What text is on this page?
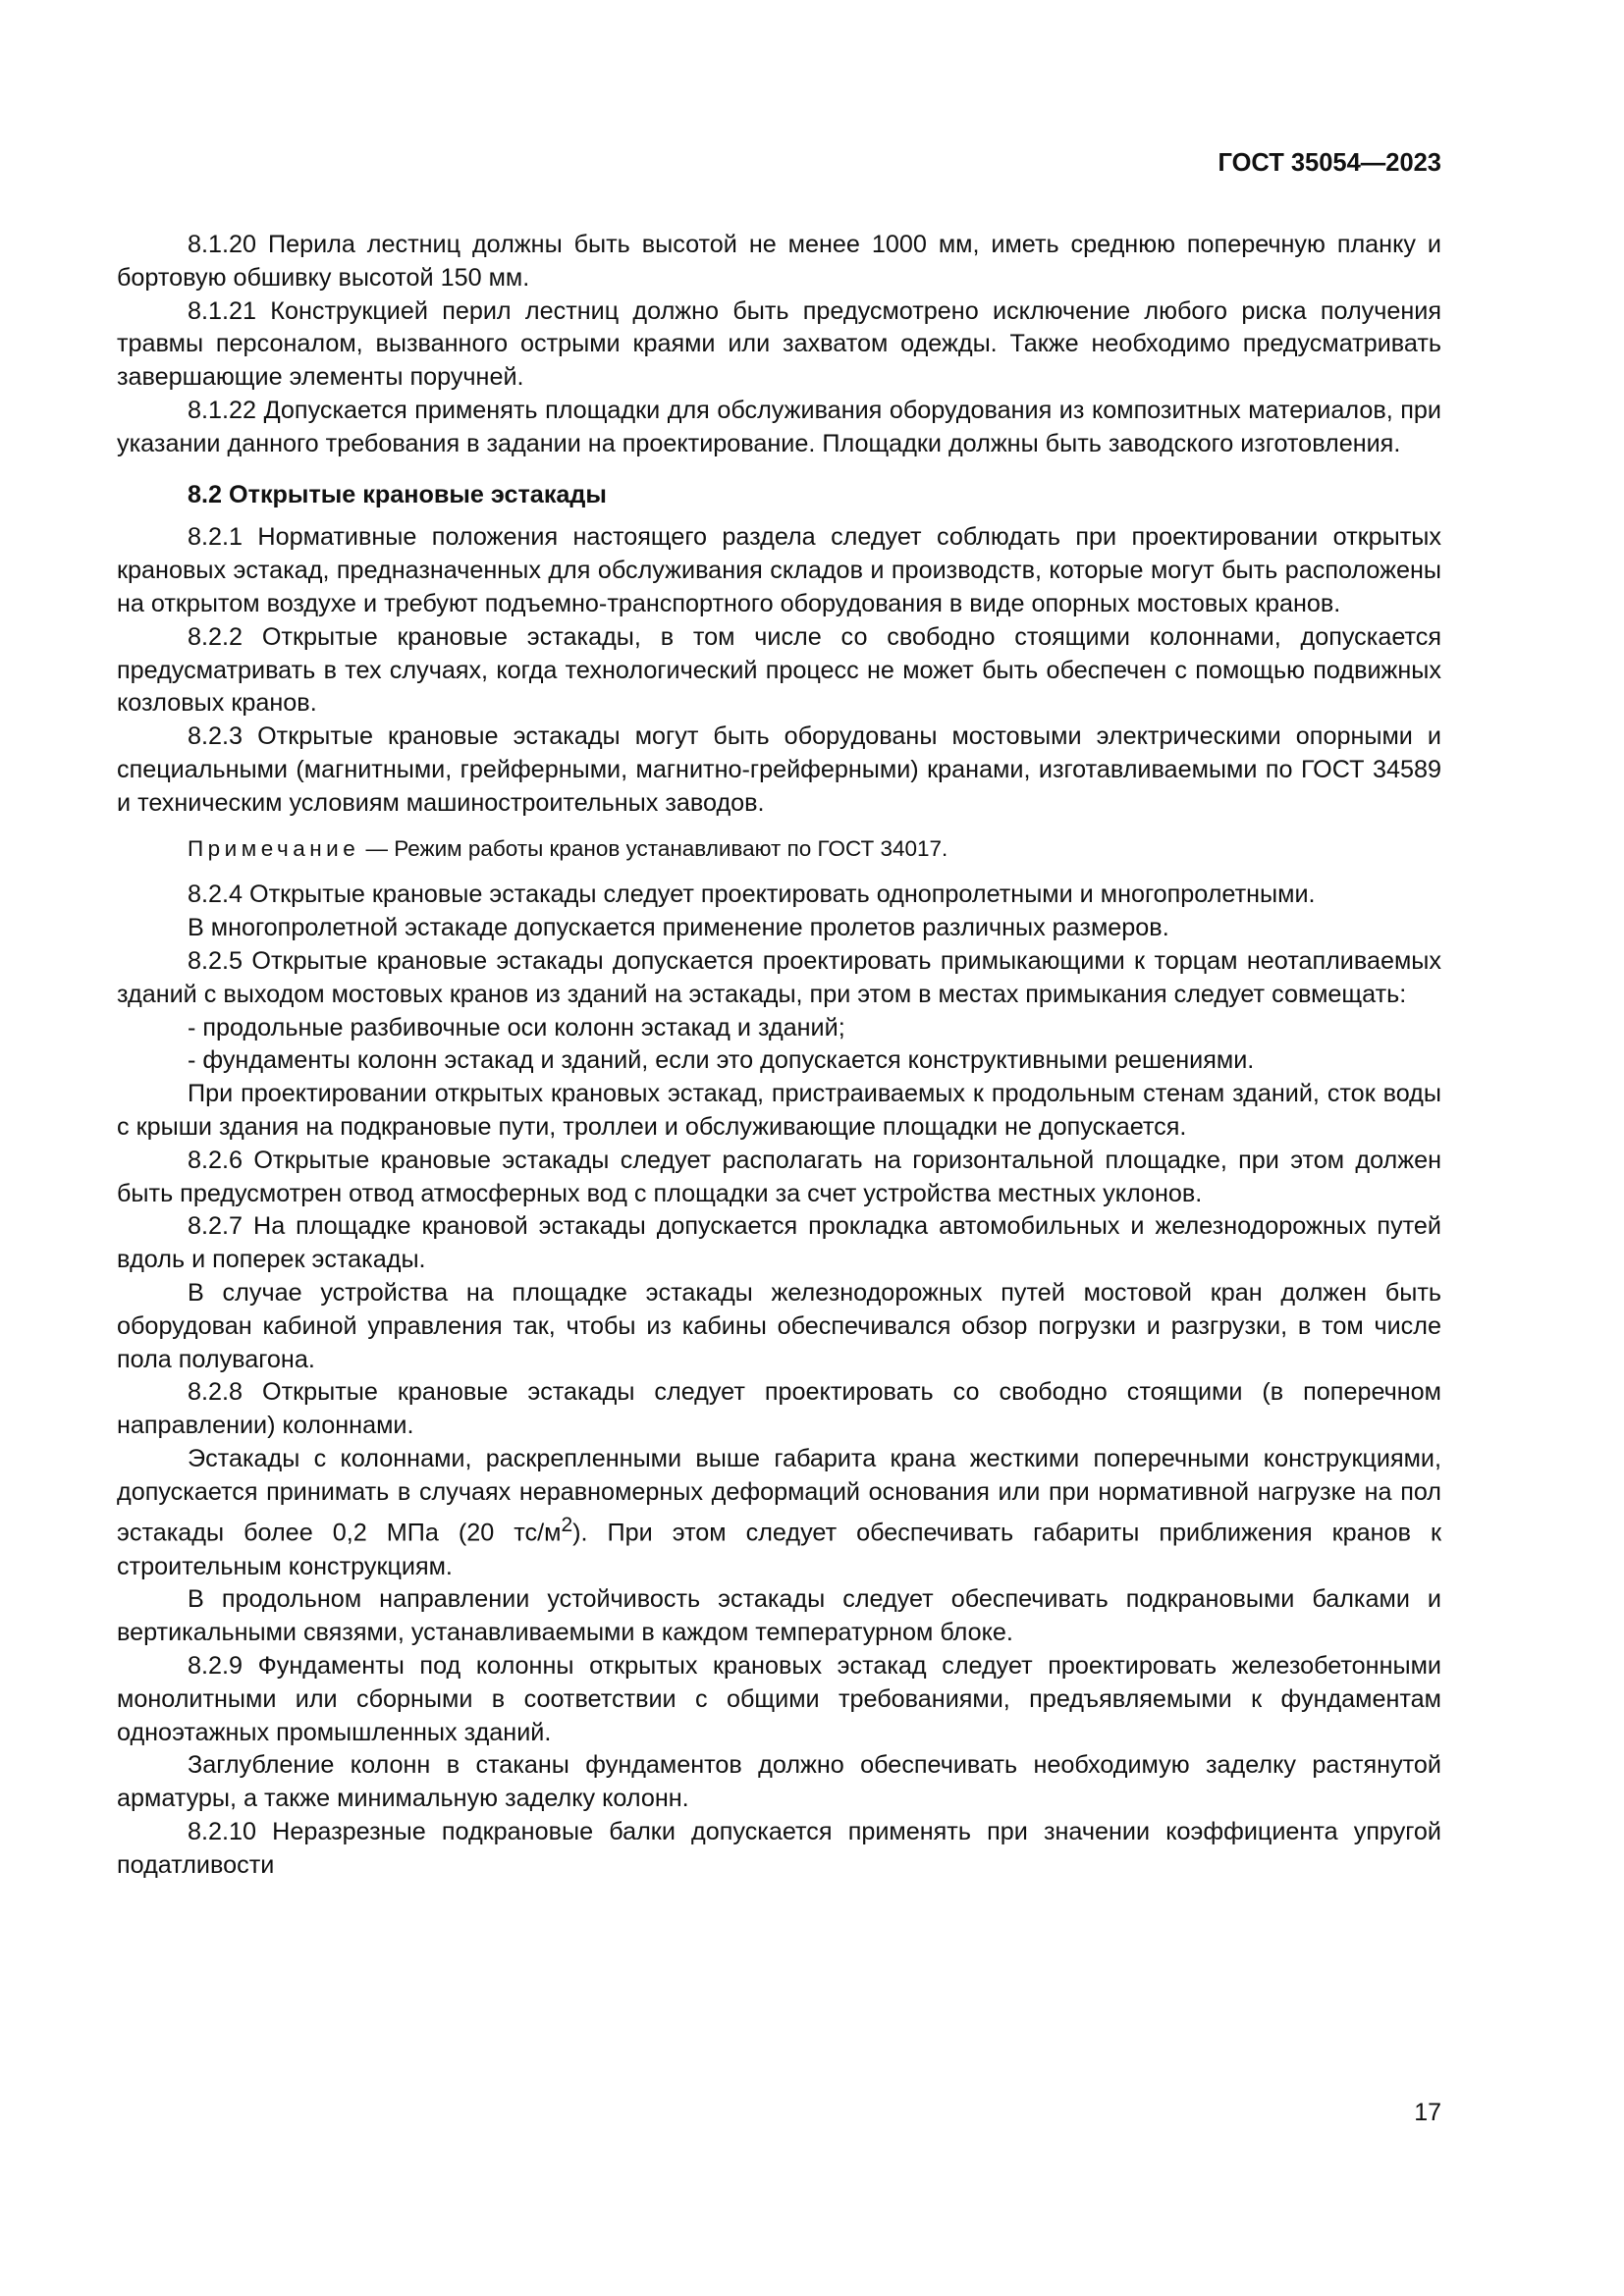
ГОСТ 35054—2023

8.1.20 Перила лестниц должны быть высотой не менее 1000 мм, иметь среднюю поперечную планку и бортовую обшивку высотой 150 мм.

8.1.21 Конструкцией перил лестниц должно быть предусмотрено исключение любого риска получения травмы персоналом, вызванного острыми краями или захватом одежды. Также необходимо предусматривать завершающие элементы поручней.

8.1.22 Допускается применять площадки для обслуживания оборудования из композитных материалов, при указании данного требования в задании на проектирование. Площадки должны быть заводского изготовления.

8.2 Открытые крановые эстакады

8.2.1 Нормативные положения настоящего раздела следует соблюдать при проектировании открытых крановых эстакад, предназначенных для обслуживания складов и производств, которые могут быть расположены на открытом воздухе и требуют подъемно-транспортного оборудования в виде опорных мостовых кранов.

8.2.2 Открытые крановые эстакады, в том числе со свободно стоящими колоннами, допускается предусматривать в тех случаях, когда технологический процесс не может быть обеспечен с помощью подвижных козловых кранов.

8.2.3 Открытые крановые эстакады могут быть оборудованы мостовыми электрическими опорными и специальными (магнитными, грейферными, магнитно-грейферными) кранами, изготавливаемыми по ГОСТ 34589 и техническим условиям машиностроительных заводов.

Примечание — Режим работы кранов устанавливают по ГОСТ 34017.

8.2.4 Открытые крановые эстакады следует проектировать однопролетными и многопролетными.

В многопролетной эстакаде допускается применение пролетов различных размеров.

8.2.5 Открытые крановые эстакады допускается проектировать примыкающими к торцам неотапливаемых зданий с выходом мостовых кранов из зданий на эстакады, при этом в местах примыкания следует совмещать:

- продольные разбивочные оси колонн эстакад и зданий;

- фундаменты колонн эстакад и зданий, если это допускается конструктивными решениями.

При проектировании открытых крановых эстакад, пристраиваемых к продольным стенам зданий, сток воды с крыши здания на подкрановые пути, троллеи и обслуживающие площадки не допускается.

8.2.6 Открытые крановые эстакады следует располагать на горизонтальной площадке, при этом должен быть предусмотрен отвод атмосферных вод с площадки за счет устройства местных уклонов.

8.2.7 На площадке крановой эстакады допускается прокладка автомобильных и железнодорожных путей вдоль и поперек эстакады.

В случае устройства на площадке эстакады железнодорожных путей мостовой кран должен быть оборудован кабиной управления так, чтобы из кабины обеспечивался обзор погрузки и разгрузки, в том числе пола полувагона.

8.2.8 Открытые крановые эстакады следует проектировать со свободно стоящими (в поперечном направлении) колоннами.

Эстакады с колоннами, раскрепленными выше габарита крана жесткими поперечными конструкциями, допускается принимать в случаях неравномерных деформаций основания или при нормативной нагрузке на пол эстакады более 0,2 МПа (20 $тс/м^2$). При этом следует обеспечивать габариты приближения кранов к строительным конструкциям.

В продольном направлении устойчивость эстакады следует обеспечивать подкрановыми балками и вертикальными связями, устанавливаемыми в каждом температурном блоке.

8.2.9 Фундаменты под колонны открытых крановых эстакад следует проектировать железобетонными монолитными или сборными в соответствии с общими требованиями, предъявляемыми к фундаментам одноэтажных промышленных зданий.

Заглубление колонн в стаканы фундаментов должно обеспечивать необходимую заделку растянутой арматуры, а также минимальную заделку колонн.

8.2.10 Неразрезные подкрановые балки допускается применять при значении коэффициента упругой податливости

17
